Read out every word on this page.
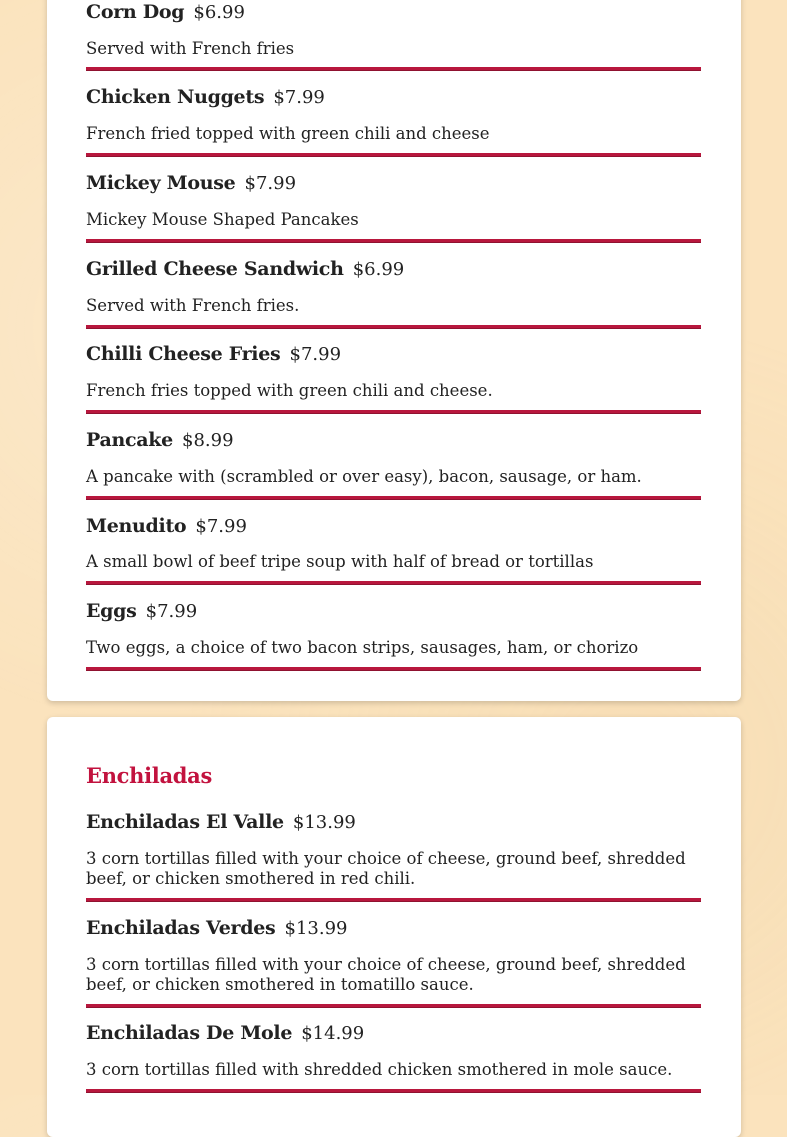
Corn Dog $6.99
Served with French fries
Chicken Nuggets $7.99
French fried topped with green chili and cheese
Mickey Mouse $7.99
Mickey Mouse Shaped Pancakes
Grilled Cheese Sandwich $6.99
Served with French fries.
Chilli Cheese Fries $7.99
French fries topped with green chili and cheese.
Pancake $8.99
A pancake with (scrambled or over easy), bacon, sausage, or ham.
Menudito $7.99
A small bowl of beef tripe soup with half of bread or tortillas
Eggs $7.99
Two eggs, a choice of two bacon strips, sausages, ham, or chorizo
Enchiladas
Enchiladas El Valle $13.99
3 corn tortillas filled with your choice of cheese, ground beef, shredded beef, or chicken smothered in red chili.
Enchiladas Verdes $13.99
3 corn tortillas filled with your choice of cheese, ground beef, shredded beef, or chicken smothered in tomatillo sauce.
Enchiladas De Mole $14.99
3 corn tortillas filled with shredded chicken smothered in mole sauce.
